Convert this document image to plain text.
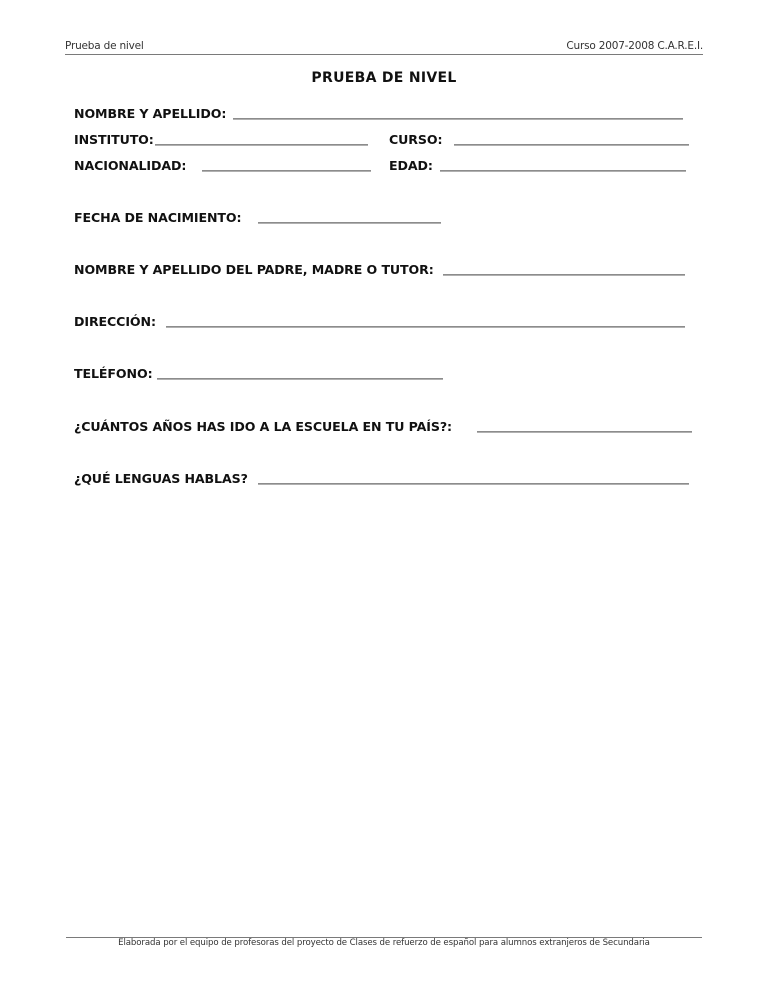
Prueba de nivel	Curso 2007-2008 C.A.R.E.I.
PRUEBA DE NIVEL
NOMBRE Y APELLIDO:
INSTITUTO:	CURSO:
NACIONALIDAD:	EDAD:
FECHA DE NACIMIENTO:
NOMBRE Y APELLIDO DEL PADRE, MADRE O TUTOR:
DIRECCIÓN:
TELÉFONO:
¿CUÁNTOS AÑOS HAS IDO A LA ESCUELA EN TU PAÍS?:
¿QUÉ LENGUAS HABLAS?
Elaborada por el equipo de profesoras del proyecto de Clases de refuerzo de español para alumnos extranjeros de Secundaria
